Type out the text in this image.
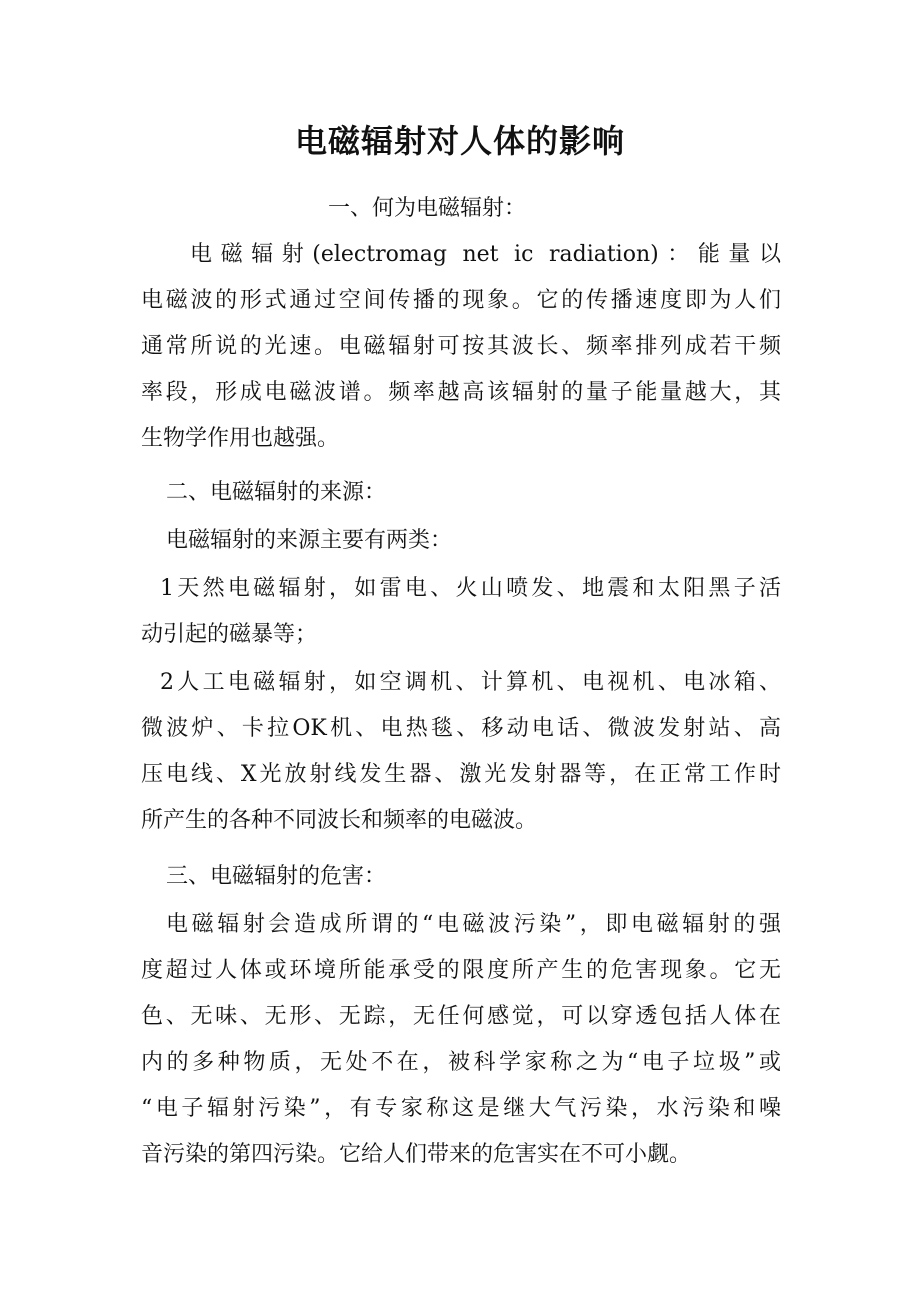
电磁辐射对人体的影响

一、何为电磁辐射：

电磁辐射(electromag net ic radiation)：能量以

电磁波的形式通过空间传播的现象。它的传播速度即为人们

通常所说的光速。电磁辐射可按其波长、频率排列成若干频

率段，形成电磁波谱。频率越高该辐射的量子能量越大，其

生物学作用也越强。

二、电磁辐射的来源：

电磁辐射的来源主要有两类：

1天然电磁辐射，如雷电、火山喷发、地震和太阳黑子活

动引起的磁暴等；

2人工电磁辐射，如空调机、计算机、电视机、电冰箱、

微波炉、卡拉OK机、电热毯、移动电话、微波发射站、高

压电线、X光放射线发生器、激光发射器等，在正常工作时

所产生的各种不同波长和频率的电磁波。

三、电磁辐射的危害：

电磁辐射会造成所谓的“电磁波污染”，即电磁辐射的强

度超过人体或环境所能承受的限度所产生的危害现象。它无

色、无味、无形、无踪，无任何感觉，可以穿透包括人体在

内的多种物质，无处不在，被科学家称之为“电子垃圾”或

“电子辐射污染”，有专家称这是继大气污染，水污染和噪

音污染的第四污染。它给人们带来的危害实在不可小觑。
